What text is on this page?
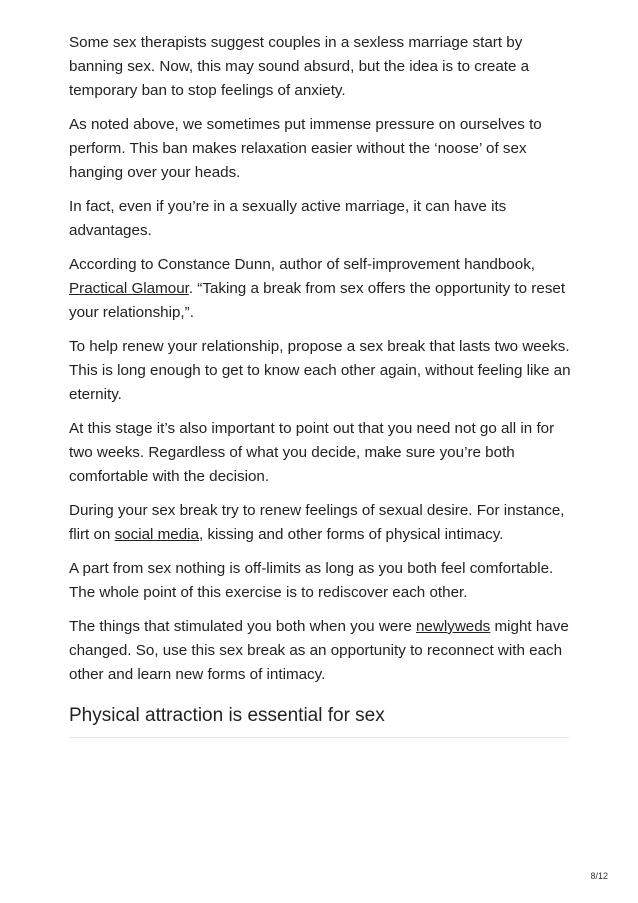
Some sex therapists suggest couples in a sexless marriage start by banning sex. Now, this may sound absurd, but the idea is to create a temporary ban to stop feelings of anxiety.

As noted above, we sometimes put immense pressure on ourselves to perform. This ban makes relaxation easier without the ‘noose’ of sex hanging over your heads.

In fact, even if you’re in a sexually active marriage, it can have its advantages.

According to Constance Dunn, author of self-improvement handbook, Practical Glamour. “Taking a break from sex offers the opportunity to reset your relationship,”.

To help renew your relationship, propose a sex break that lasts two weeks. This is long enough to get to know each other again, without feeling like an eternity.

At this stage it’s also important to point out that you need not go all in for two weeks. Regardless of what you decide, make sure you’re both comfortable with the decision.

During your sex break try to renew feelings of sexual desire. For instance, flirt on social media, kissing and other forms of physical intimacy.

A part from sex nothing is off-limits as long as you both feel comfortable. The whole point of this exercise is to rediscover each other.

The things that stimulated you both when you were newlyweds might have changed. So, use this sex break as an opportunity to reconnect with each other and learn new forms of intimacy.

Physical attraction is essential for sex
8/12
